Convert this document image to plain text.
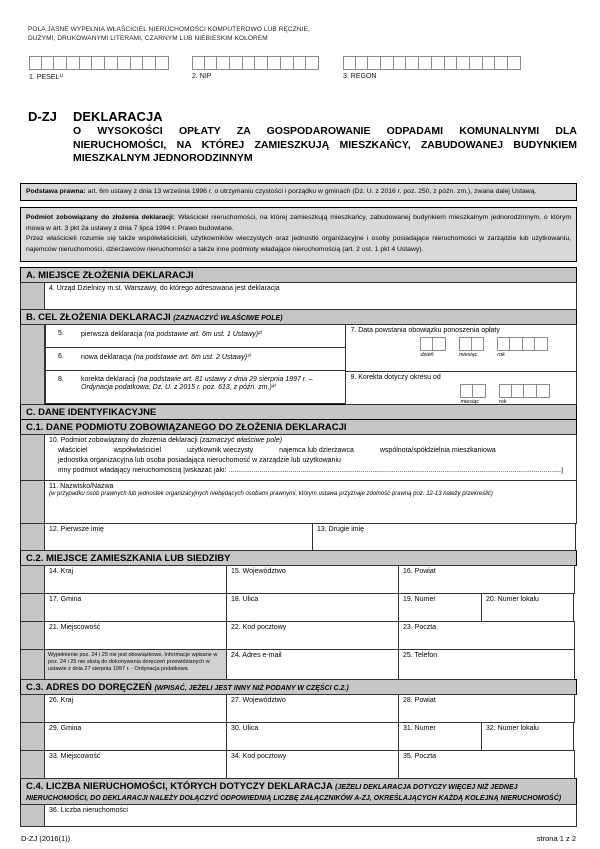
POLA JASNE WYPEŁNIA WŁAŚCICIEL NIERUCHOMOŚCI KOMPUTEROWO LUB RĘCZNIE,
DUŻYMI, DRUKOWANYMI LITERAMI, CZARNYM LUB NIEBIESKIM KOLOREM
1. PESEL¹⁾	2. NIP	3. REGON
D-ZJ	DEKLARACJA
O WYSOKOŚCI OPŁATY ZA GOSPODAROWANIE ODPADAMI KOMUNALNYMI DLA NIERUCHOMOŚCI, NA KTÓREJ ZAMIESZKUJĄ MIESZKAŃCY, ZABUDOWANEJ BUDYNKIEM MIESZKALNYM JEDNORODZINNYM
Podstawa prawna: art. 6m ustawy z dnia 13 września 1996 r. o utrzymaniu czystości i porządku w gminach (Dz. U. z 2016 r. poz. 250, z późn. zm.), zwana dalej Ustawą.
Podmiot zobowiązany do złożenia deklaracji: Właściciel nieruchomości, na której zamieszkują mieszkańcy, zabudowanej budynkiem mieszkalnym jednorodzinnym, o którym mowa w art. 3 pkt 2a ustawy z dnia 7 lipca 1994 r. Prawo budowlane.
Przez właścicieli rozumie się także współwłaścicieli, użytkowników wieczystych oraz jednostki organizacyjne i osoby posiadające nieruchomości w zarządzie lub użytkowaniu, najemców nieruchomości, dzierżawców nieruchomości a także inne podmioty władające nieruchomością (art. 2 ust. 1 pkt 4 Ustawy).
A. MIEJSCE ZŁOŻENIA DEKLARACJI
4. Urząd Dzielnicy m.st. Warszawy, do którego adresowana jest deklaracja
B. CEL ZŁOŻENIA DEKLARACJI (ZAZNACZYĆ WŁAŚCIWE POLE)
5. pierwsza deklaracja (na podstawie art. 6m ust. 1 Ustawy)²⁾
6. nowa deklaracja (na podstawie art. 6m ust. 2 Ustawy)³⁾
8. korekta deklaracji (na podstawie art. 81 ustawy z dnia 29 sierpnia 1997 r. – Ordynacja podatkowa; Dz. U. z 2015 r. poz. 613, z późn. zm.)⁴⁾
7. Data powstania obowiązku ponoszenia opłaty
dzień	miesiąc	rok
9. Korekta dotyczy okresu od
miesiąc	rok
C. DANE IDENTYFIKACYJNE
C.1. DANE PODMIOTU ZOBOWIĄZANEGO DO ZŁOŻENIA DEKLARACJI
10. Podmiot zobowiązany do złożenia deklaracji (zaznaczyć właściwe pole)
właściciel	współwłaściciel	użytkownik wieczysty	najemca lub dzierżawca	wspólnota/spółdzielnia mieszkaniowa
jednostka organizacyjna lub osoba posiadająca nieruchomość w zarządzie lub użytkowaniu
inny podmiot władający nieruchomością [wskazać jaki: ...........................................................................................................................................................................]
11. Nazwisko/Nazwa
(w przypadku osób prawnych lub jednostek organizacyjnych niebędących osobami prawnymi, którym ustawa przyznaje zdolność prawną poz. 12-13 należy przekreślić)
12. Pierwsze imię	13. Drugie imię
C.2. MIEJSCE ZAMIESZKANIA LUB SIEDZIBY
14. Kraj	15. Województwo	16. Powiat
17. Gmina	18. Ulica	19. Numer	20. Numer lokalu
21. Miejscowość	22. Kod pocztowy	23. Poczta
Wypełnienie poz. 24 i 25 nie jest obowiązkowe. Informacje wpisane w poz. 24 i 25 nie służą do dokonywania doręczeń przewidzianych w ustawie z dnia 27 sierpnia 1997 r. - Ordynacja podatkowa
24. Adres e-mail	25. Telefon
C.3. ADRES DO DORĘCZEŃ (WPISAĆ, JEŻELI JEST INNY NIŻ PODANY W CZĘŚCI C.2.)
26. Kraj	27. Województwo	28. Powiat
29. Gmina	30. Ulica	31. Numer	32. Numer lokalu
33. Miejscowość	34. Kod pocztowy	35. Poczta
C.4. LICZBA NIERUCHOMOŚCI, KTÓRYCH DOTYCZY DEKLARACJA (JEŻELI DEKLARACJA DOTYCZY WIĘCEJ NIŻ JEDNEJ NIERUCHOMOŚCI, DO DEKLARACJI NALEŻY DOŁĄCZYĆ ODPOWIEDNIĄ LICZBĘ ZAŁĄCZNIKÓW A-ZJ, OKREŚLAJĄCYCH KAŻDĄ KOLEJNĄ NIERUCHOMOŚĆ)
36. Liczba nieruchomości
D-ZJ (2016(1))	strona 1 z 2
